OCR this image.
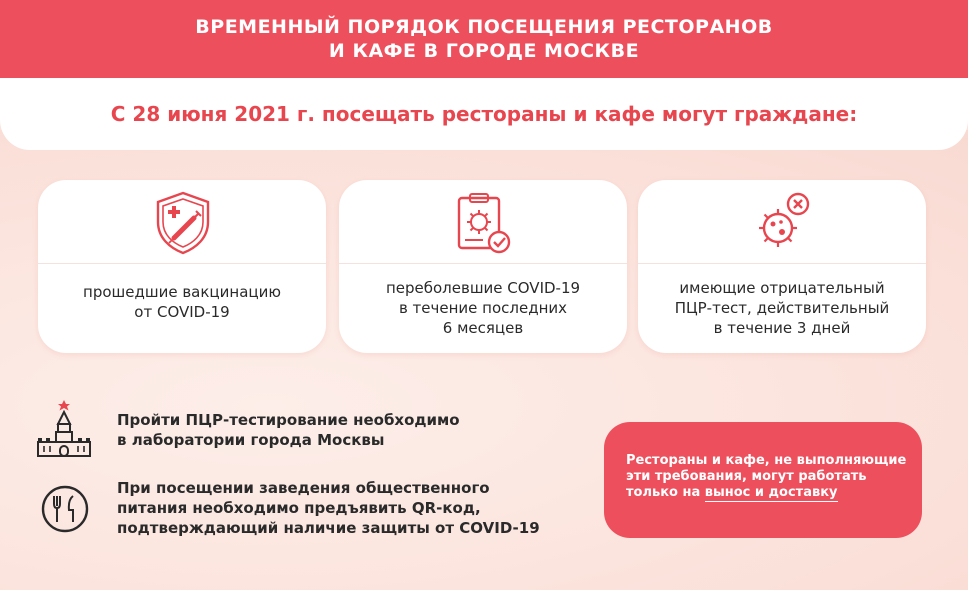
ВРЕМЕННЫЙ ПОРЯДОК ПОСЕЩЕНИЯ РЕСТОРАНОВ
И КАФЕ В ГОРОДЕ МОСКВЕ
С 28 июня 2021 г. посещать рестораны и кафе могут граждане:
прошедшие вакцинацию
от COVID-19
переболевшие COVID-19
в течение последних
6 месяцев
имеющие отрицательный
ПЦР-тест, действительный
в течение 3 дней
Пройти ПЦР-тестирование необходимо
в лаборатории города Москвы
При посещении заведения общественного
питания необходимо предъявить QR-код,
подтверждающий наличие защиты от COVID-19
Рестораны и кафе, не выполняющие
эти требования, могут работать
только на вынос и доставку
